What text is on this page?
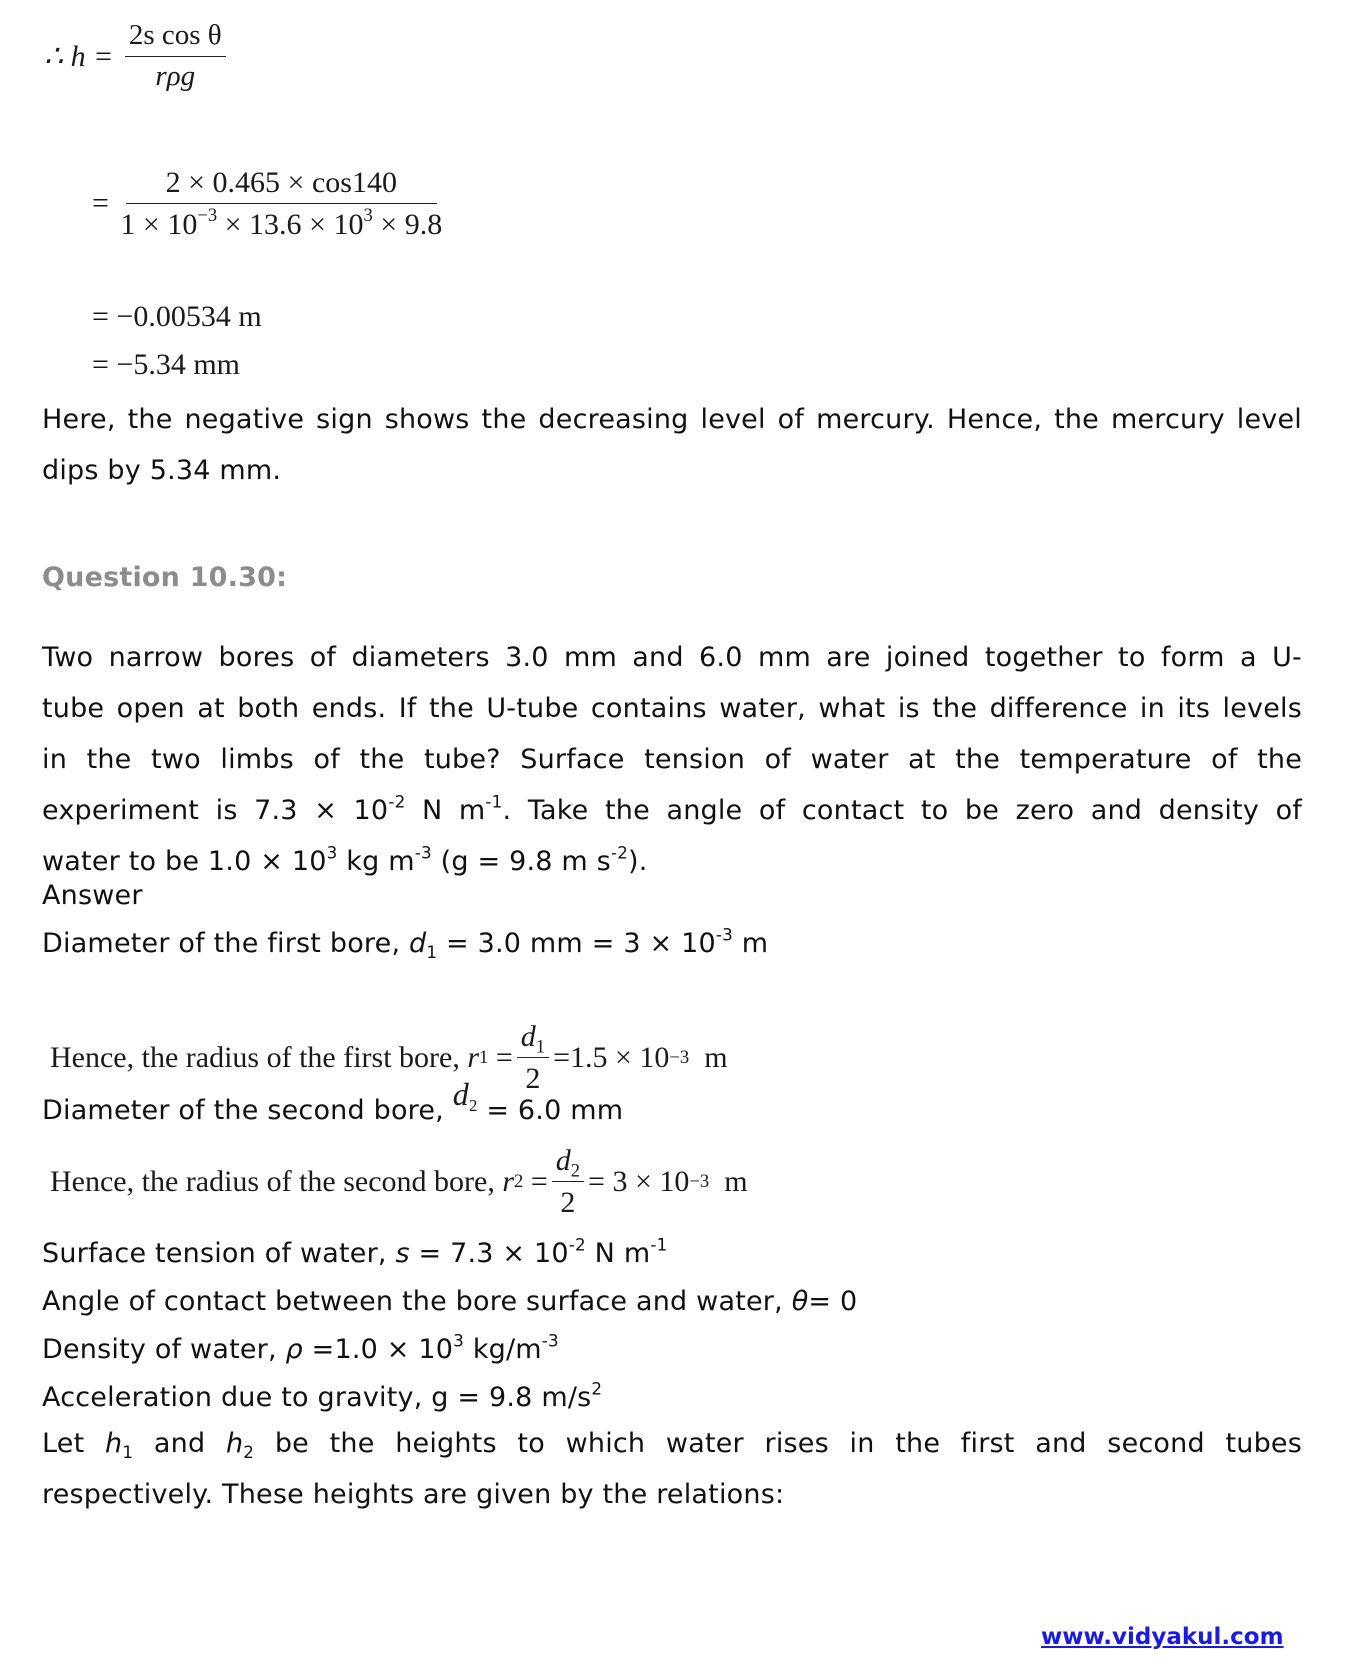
∴ $h = \frac{\text{2s cos θ}}{\text{rρg}}$
= $\frac{2 \times 0.465 \times \cos 140}{1 \times 10^{-3} \times 13.6 \times 10^3 \times 9.8}$
= −0.00534 m
= −5.34 mm
Here, the negative sign shows the decreasing level of mercury. Hence, the mercury level
dips by 5.34 mm.
Question 10.30:
Two narrow bores of diameters 3.0 mm and 6.0 mm are joined together to form a U-
tube open at both ends. If the U-tube contains water, what is the difference in its levels
in the two limbs of the tube? Surface tension of water at the temperature of the
experiment is $7.3 \times 10^{-2}$ N $m^{-1}$. Take the angle of contact to be zero and density of
water to be $1.0 \times 10^3$ kg $m^{-3}$ (g = 9.8 m $s^{-2}$).
Answer
Diameter of the first bore, $d_1 = 3.0$ mm = $3 \times 10^{-3}$ m
Hence, the radius of the first bore, r $1 = \frac{d_1}{2} =1.5 \times 10 -3$ m
Diameter of the second bore, $d_2 = 6.0$ mm
Hence, the radius of the second bore, r $2 = \frac{d_2}{2} = 3 \times 10 -3$ m
Surface tension of water, $s = 7.3 \times 10^{-2}$ N $m^{-1}$
Angle of contact between the bore surface and water, θ= 0
Density of water, $\rho =1.0 \times 10^3$ $kg/m^{-3}$
Acceleration due to gravity, g = 9.8 $m/s^2$
Let $h_1$ and $h_2$ be the heights to which water rises in the first and second tubes
respectively. These heights are given by the relations:
www.vidyakul.com
